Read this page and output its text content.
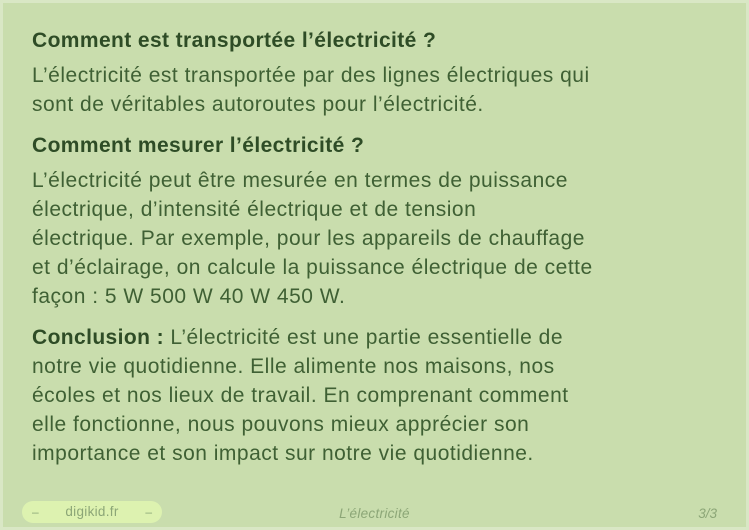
Comment est transportée l’électricité ?
L’électricité est transportée par des lignes électriques qui
sont de véritables autoroutes pour l’électricité.
Comment mesurer l’électricité ?
L’électricité peut être mesurée en termes de puissance
électrique, d’intensité électrique et de tension
électrique. Par exemple, pour les appareils de chauffage
et d’éclairage, on calcule la puissance électrique de cette
façon : 5 W 500 W 40 W 450 W.
Conclusion : L’électricité est une partie essentielle de
notre vie quotidienne. Elle alimente nos maisons, nos
écoles et nos lieux de travail. En comprenant comment
elle fonctionne, nous pouvons mieux apprécier son
importance et son impact sur notre vie quotidienne.
– digikid.fr –	L’électricité	3/3
